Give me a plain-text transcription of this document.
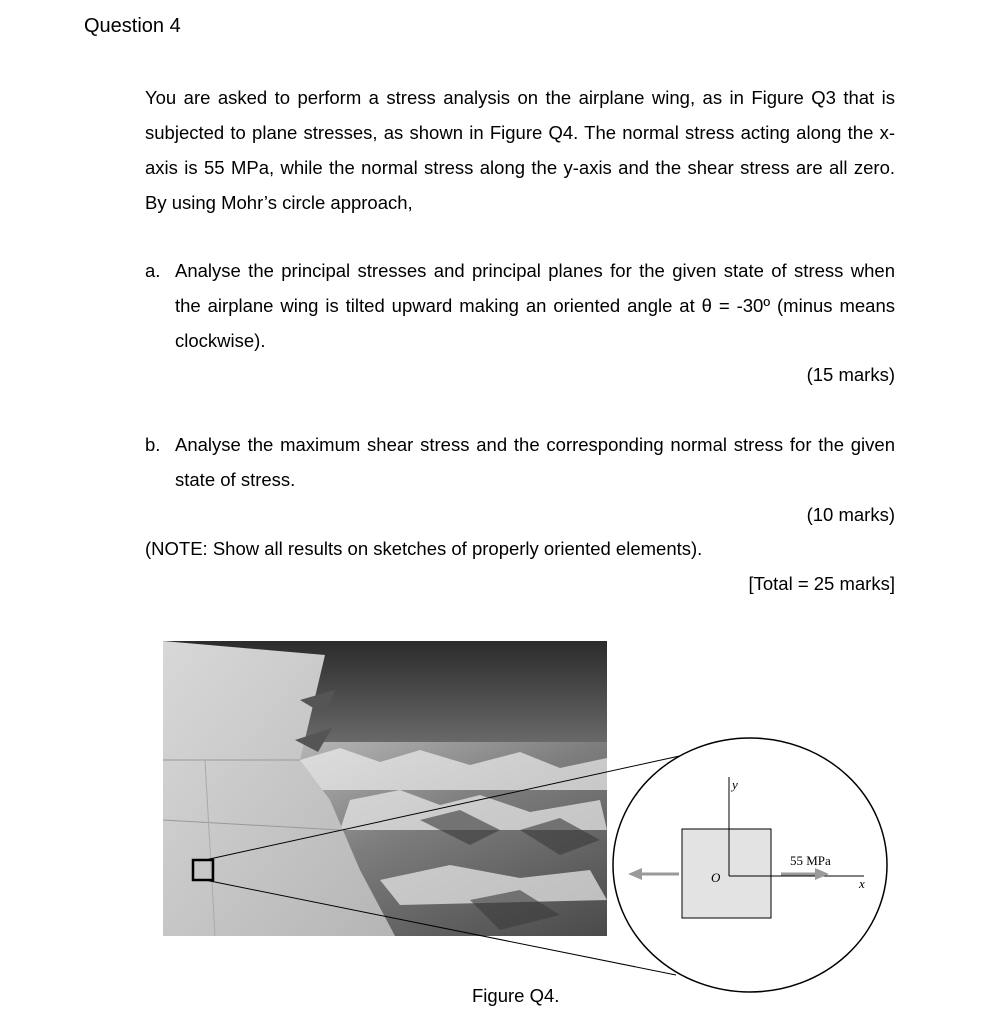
Question 4
You are asked to perform a stress analysis on the airplane wing, as in Figure Q3 that is subjected to plane stresses, as shown in Figure Q4. The normal stress acting along the x-axis is 55 MPa, while the normal stress along the y-axis and the shear stress are all zero. By using Mohr’s circle approach,
a. Analyse the principal stresses and principal planes for the given state of stress when the airplane wing is tilted upward making an oriented angle at θ = -30º (minus means clockwise).
(15 marks)
b. Analyse the maximum shear stress and the corresponding normal stress for the given state of stress.
(10 marks)
(NOTE: Show all results on sketches of properly oriented elements).
[Total = 25 marks]
y
x
O
55 MPa
Figure Q4.
